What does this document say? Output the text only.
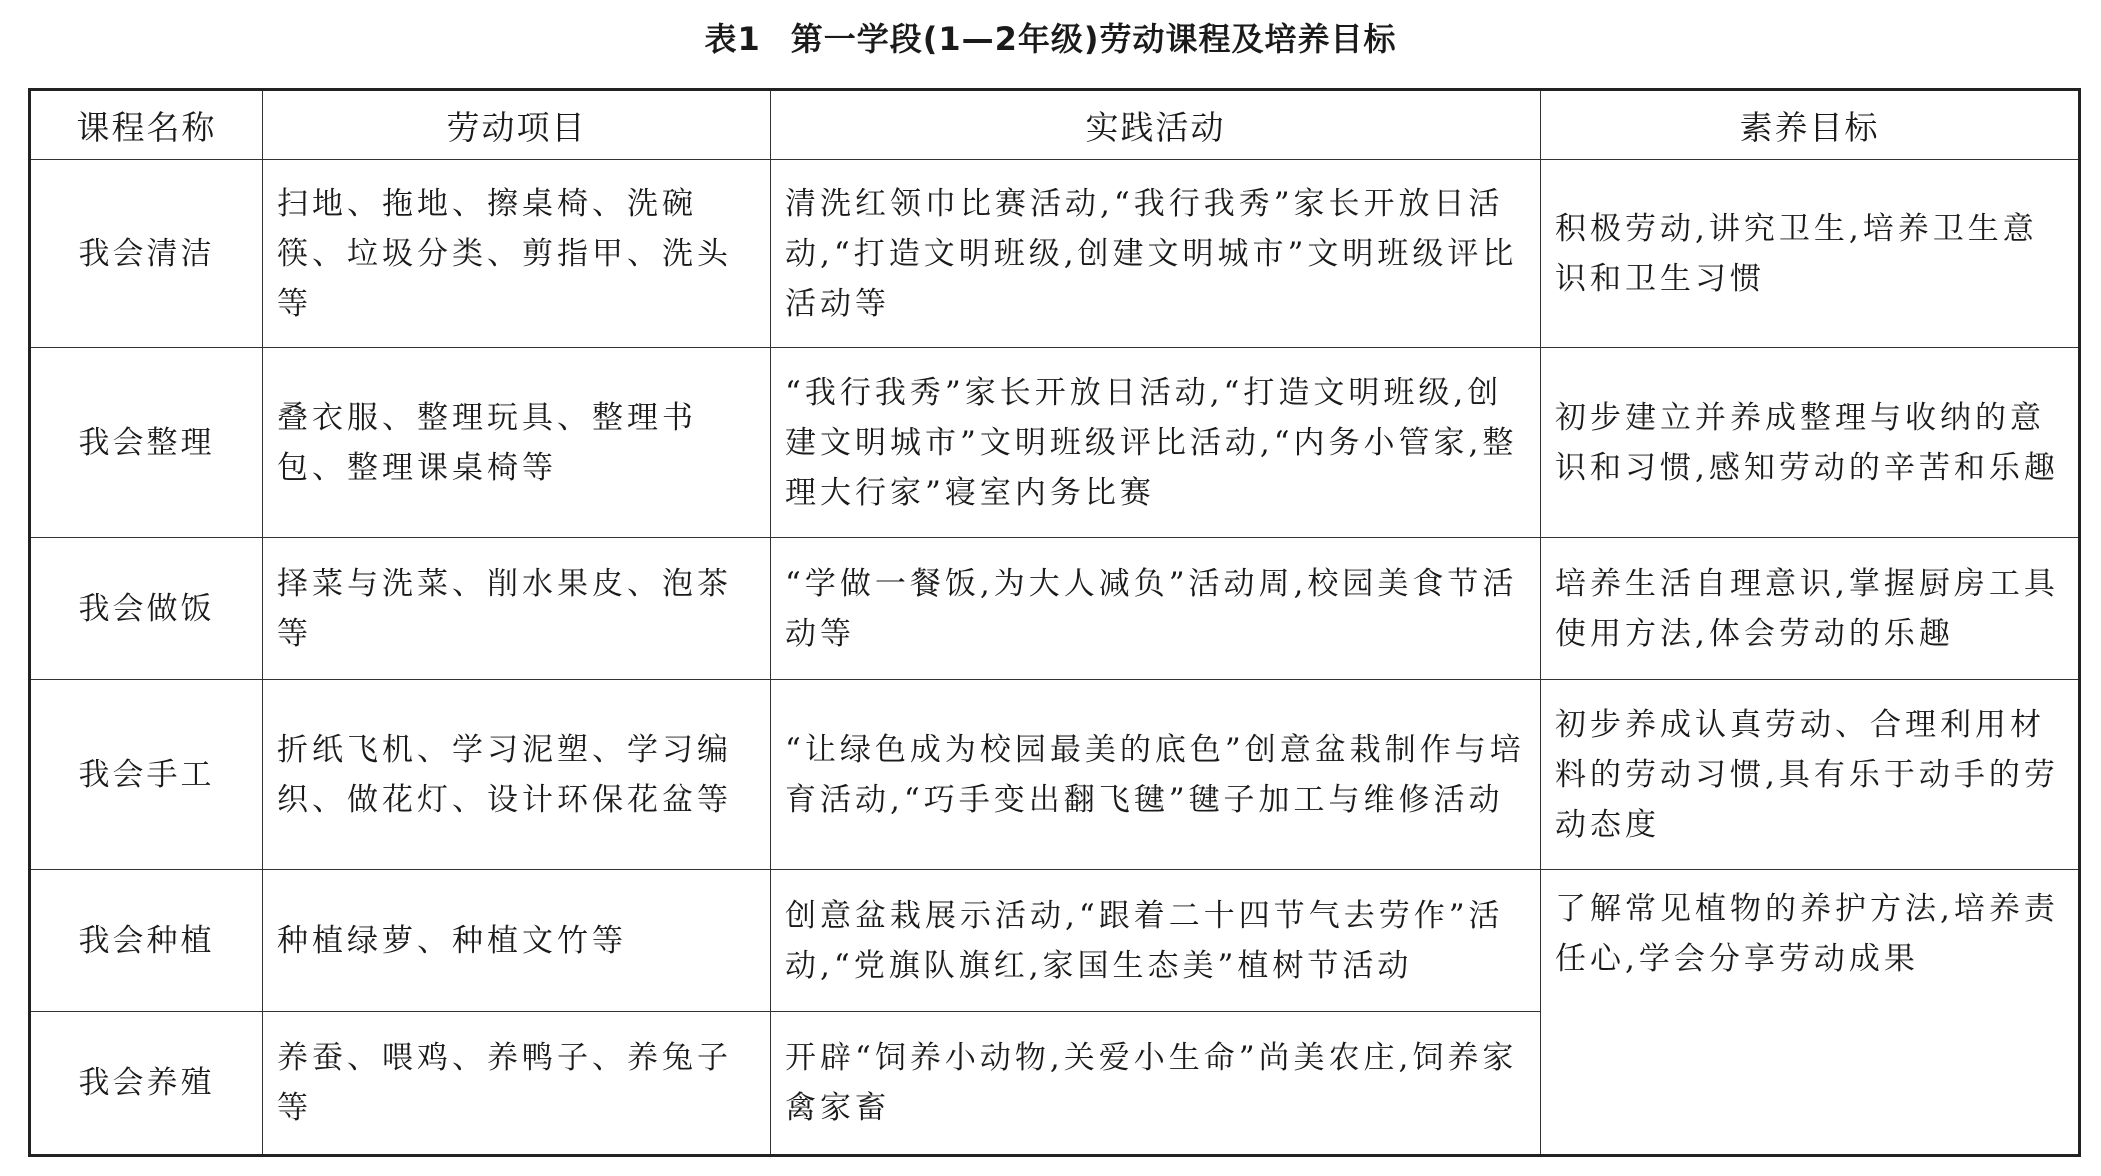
表1 第一学段(1—2年级)劳动课程及培养目标
课程名称	劳动项目	实践活动	素养目标
我会清洁	扫地、拖地、擦桌椅、洗碗筷、垃圾分类、剪指甲、洗头等	清洗红领巾比赛活动,“我行我秀”家长开放日活动,“打造文明班级,创建文明城市”文明班级评比活动等	积极劳动,讲究卫生,培养卫生意识和卫生习惯
我会整理	叠衣服、整理玩具、整理书包、整理课桌椅等	“我行我秀”家长开放日活动,“打造文明班级,创建文明城市”文明班级评比活动,“内务小管家,整理大行家”寝室内务比赛	初步建立并养成整理与收纳的意识和习惯,感知劳动的辛苦和乐趣
我会做饭	择菜与洗菜、削水果皮、泡茶等	“学做一餐饭,为大人减负”活动周,校园美食节活动等	培养生活自理意识,掌握厨房工具使用方法,体会劳动的乐趣
我会手工	折纸飞机、学习泥塑、学习编织、做花灯、设计环保花盆等	“让绿色成为校园最美的底色”创意盆栽制作与培育活动,“巧手变出翻飞毽”毽子加工与维修活动	初步养成认真劳动、合理利用材料的劳动习惯,具有乐于动手的劳动态度
我会种植	种植绿萝、种植文竹等	创意盆栽展示活动,“跟着二十四节气去劳作”活动,“党旗队旗红,家国生态美”植树节活动	了解常见植物的养护方法,培养责任心,学会分享劳动成果
我会养殖	养蚕、喂鸡、养鸭子、养兔子等	开辟“饲养小动物,关爱小生命”尚美农庄,饲养家禽家畜	
